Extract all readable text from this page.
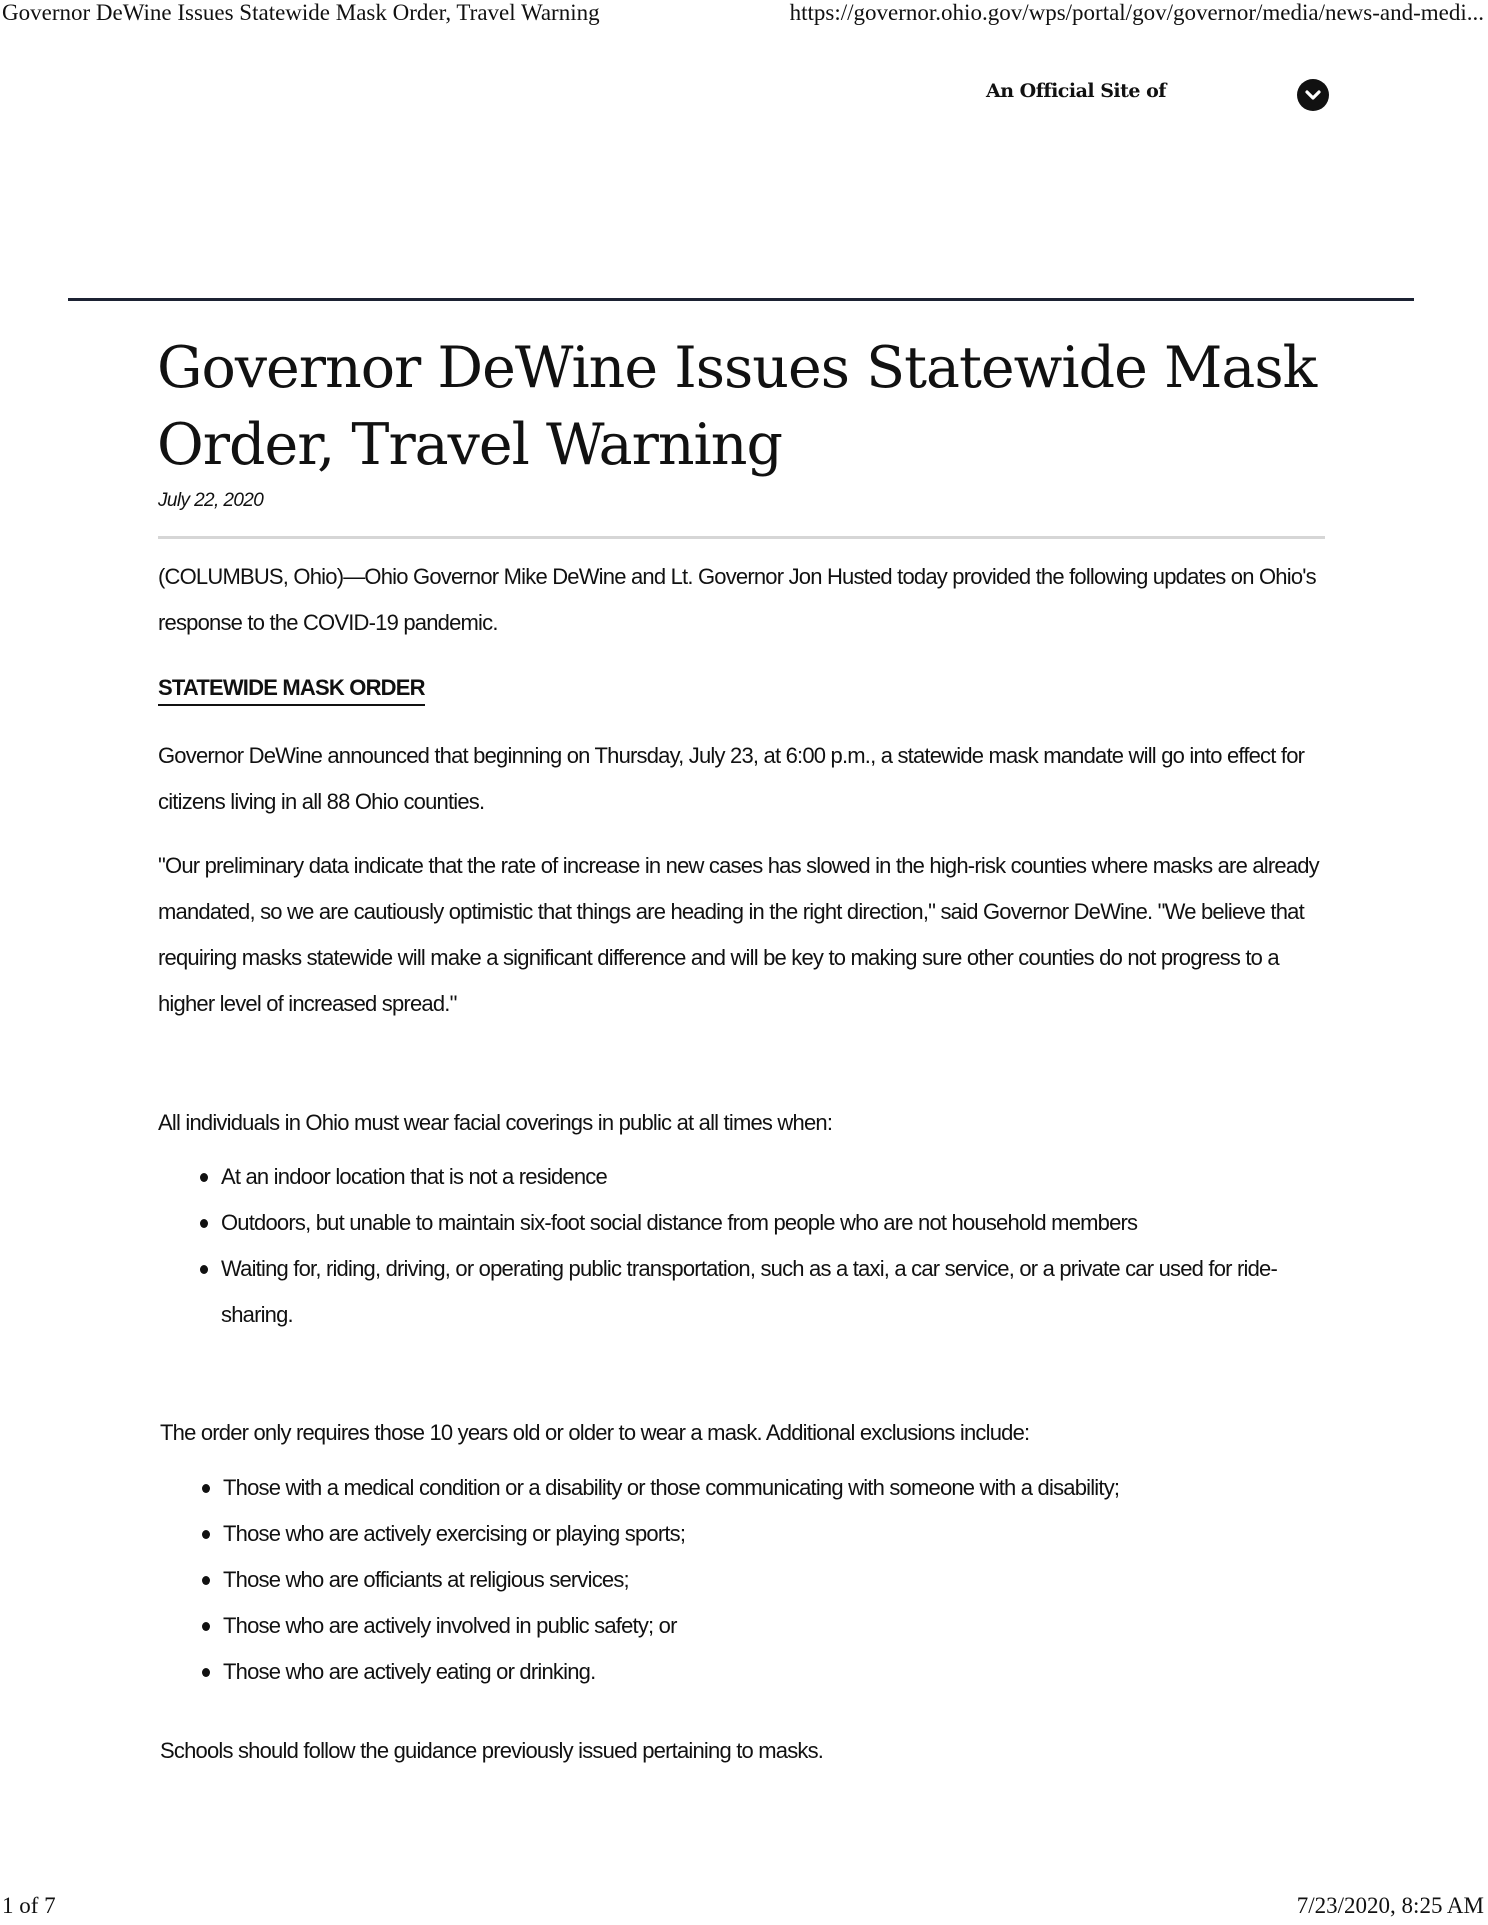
Governor DeWine Issues Statewide Mask Order, Travel Warning	https://governor.ohio.gov/wps/portal/gov/governor/media/news-and-medi...
An Official Site of
Governor DeWine Issues Statewide Mask Order, Travel Warning
July 22, 2020

(COLUMBUS, Ohio)—Ohio Governor Mike DeWine and Lt. Governor Jon Husted today provided the following updates on Ohio's response to the COVID-19 pandemic.

STATEWIDE MASK ORDER

Governor DeWine announced that beginning on Thursday, July 23, at 6:00 p.m., a statewide mask mandate will go into effect for citizens living in all 88 Ohio counties.

"Our preliminary data indicate that the rate of increase in new cases has slowed in the high-risk counties where masks are already mandated, so we are cautiously optimistic that things are heading in the right direction," said Governor DeWine. "We believe that requiring masks statewide will make a significant difference and will be key to making sure other counties do not progress to a higher level of increased spread."

All individuals in Ohio must wear facial coverings in public at all times when:

At an indoor location that is not a residence
Outdoors, but unable to maintain six-foot social distance from people who are not household members
Waiting for, riding, driving, or operating public transportation, such as a taxi, a car service, or a private car used for ride-sharing.

The order only requires those 10 years old or older to wear a mask. Additional exclusions include:

Those with a medical condition or a disability or those communicating with someone with a disability;
Those who are actively exercising or playing sports;
Those who are officiants at religious services;
Those who are actively involved in public safety; or
Those who are actively eating or drinking.

Schools should follow the guidance previously issued pertaining to masks.

1 of 7	7/23/2020, 8:25 AM
